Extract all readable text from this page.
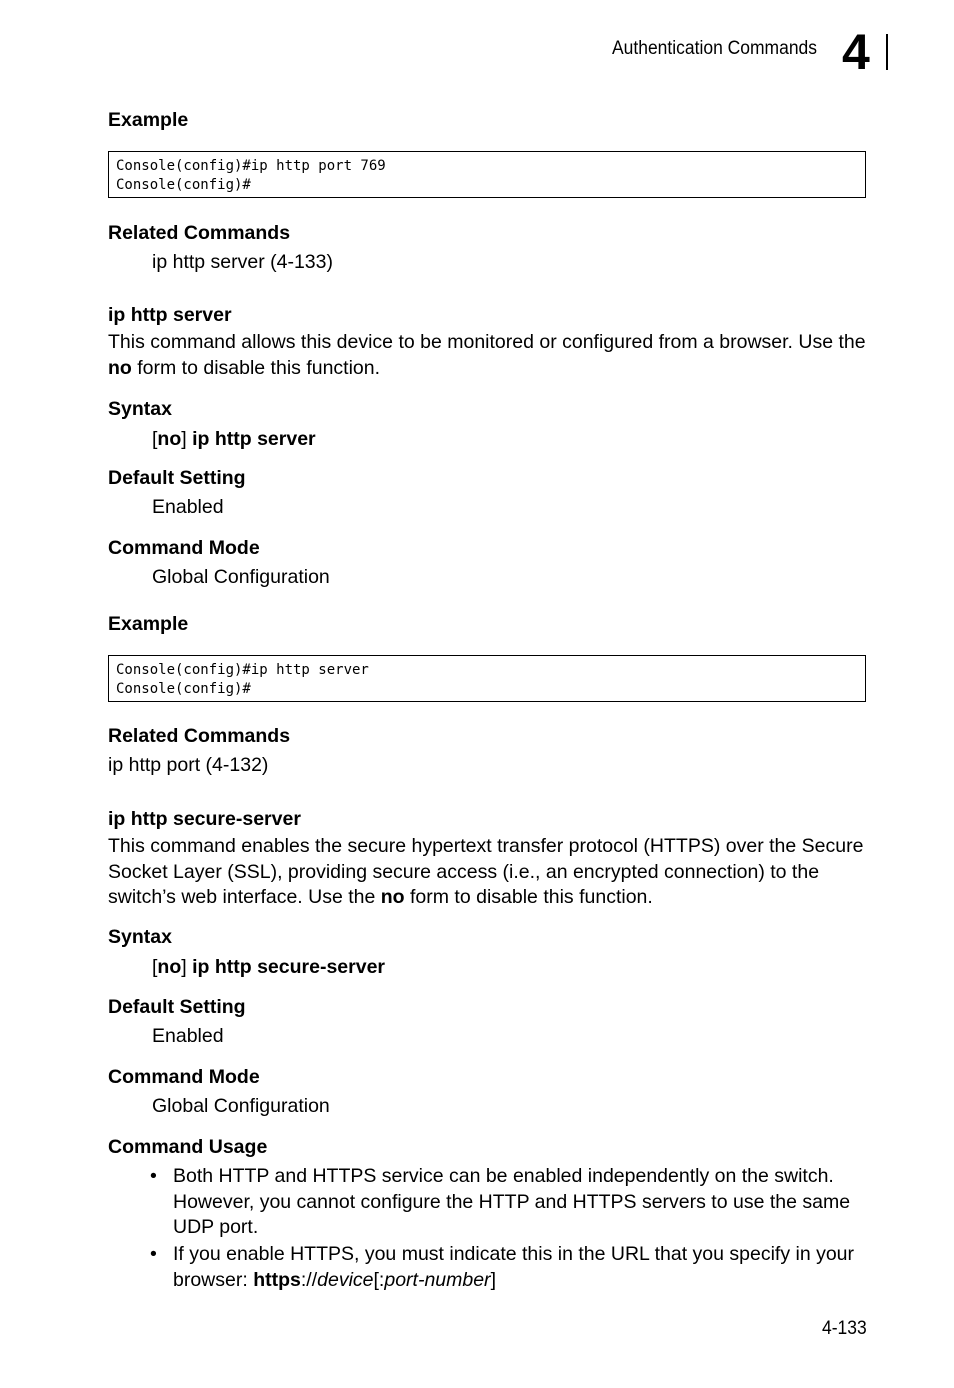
Authentication Commands 4
Example
Console(config)#ip http port 769
Console(config)#
Related Commands
ip http server (4-133)
ip http server
This command allows this device to be monitored or configured from a browser. Use the no form to disable this function.
Syntax
[no] ip http server
Default Setting
Enabled
Command Mode
Global Configuration
Example
Console(config)#ip http server
Console(config)#
Related Commands
ip http port (4-132)
ip http secure-server
This command enables the secure hypertext transfer protocol (HTTPS) over the Secure Socket Layer (SSL), providing secure access (i.e., an encrypted connection) to the switch’s web interface. Use the no form to disable this function.
Syntax
[no] ip http secure-server
Default Setting
Enabled
Command Mode
Global Configuration
Command Usage
• Both HTTP and HTTPS service can be enabled independently on the switch. However, you cannot configure the HTTP and HTTPS servers to use the same UDP port.
• If you enable HTTPS, you must indicate this in the URL that you specify in your browser: https://device[:port-number]
4-133
